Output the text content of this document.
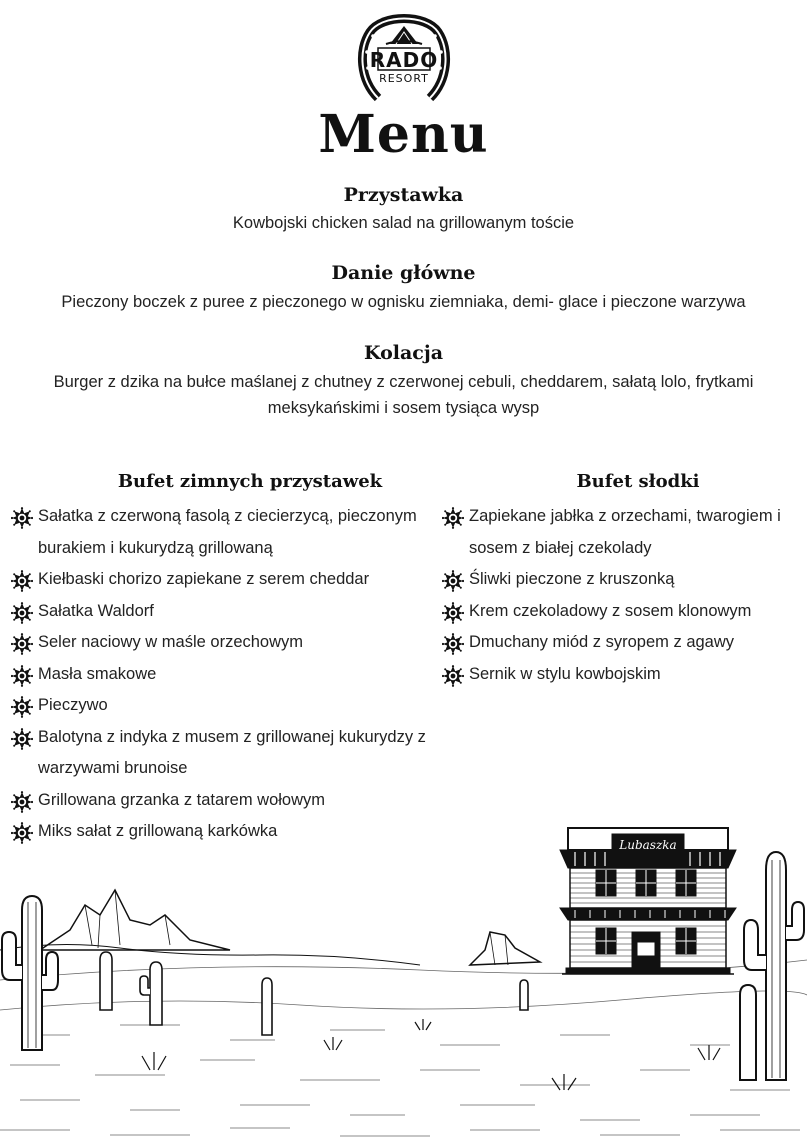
RADO
RESORT
Menu
Przystawka
Kowbojski chicken salad na grillowanym toście
Danie główne
Pieczony boczek z puree z pieczonego w ognisku ziemniaka, demi- glace i pieczone warzywa
Kolacja
Burger z dzika na bułce maślanej z chutney z czerwonej cebuli, cheddarem, sałatą lolo, frytkami meksykańskimi i sosem tysiąca wysp
Bufet zimnych przystawek	Bufet słodki
Sałatka z czerwoną fasolą z ciecierzycą, pieczonym burakiem i kukurydzą grillowaną
Kiełbaski chorizo zapiekane z serem cheddar
Sałatka Waldorf
Seler naciowy w maśle orzechowym
Masła smakowe
Pieczywo
Balotyna z indyka z musem z grillowanej kukurydzy z warzywami brunoise
Grillowana grzanka z tatarem wołowym
Miks sałat z grillowaną karkówka
Zapiekane jabłka z orzechami, twarogiem i sosem z białej czekolady
Śliwki pieczone z kruszonką
Krem czekoladowy z sosem klonowym
Dmuchany miód z syropem z agawy
Sernik w stylu kowbojskim
Lubaszka
